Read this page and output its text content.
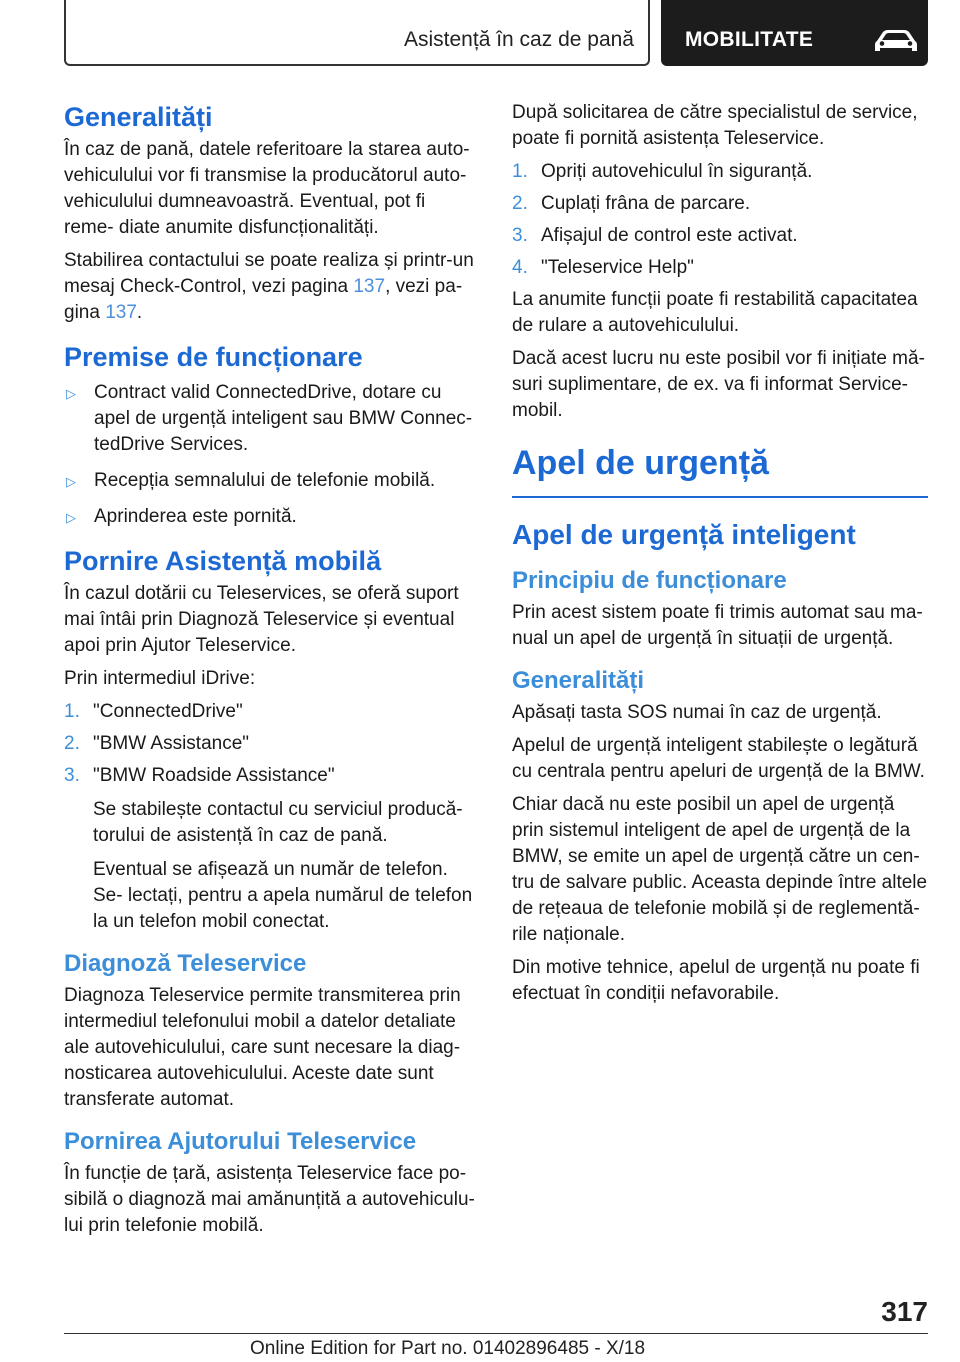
Asistență în caz de pană MOBILITATE
Generalități

În caz de pană, datele referitoare la starea auto- vehiculului vor fi transmise la producătorul auto- vehiculului dumneavoastră. Eventual, pot fi reme- diate anumite disfuncționalități.

Stabilirea contactului se poate realiza și printr-un mesaj Check-Control, vezi pagina 137, vezi pa- gina 137.

Premise de funcționare
▷ Contract valid ConnectedDrive, dotare cu apel de urgență inteligent sau BMW Connec- tedDrive Services.
▷ Recepția semnalului de telefonie mobilă.
▷ Aprinderea este pornită.
Pornire Asistență mobilă

În cazul dotării cu Teleservices, se oferă suport mai întâi prin Diagnoză Teleservice și eventual apoi prin Ajutor Teleservice.

Prin intermediul iDrive:

1. "ConnectedDrive"
2. "BMW Assistance"
3. "BMW Roadside Assistance"
Se stabilește contactul cu serviciul producă- torului de asistență în caz de pană.
Eventual se afișează un număr de telefon. Se- lectați, pentru a apela numărul de telefon la un telefon mobil conectat.
Diagnoză Teleservice

Diagnoza Teleservice permite transmiterea prin intermediul telefonului mobil a datelor detaliate ale autovehiculului, care sunt necesare la diag- nosticarea autovehiculului. Aceste date sunt transferate automat.

Pornirea Ajutorului Teleservice

În funcție de țară, asistența Teleservice face po- sibilă o diagnoză mai amănunțită a autovehiculu- lui prin telefonie mobilă.

După solicitarea de către specialistul de service, poate fi pornită asistența Teleservice.

1. Opriți autovehiculul în siguranță.
2. Cuplați frâna de parcare.
3. Afișajul de control este activat.
4. "Teleservice Help"

La anumite funcții poate fi restabilită capacitatea de rulare a autovehiculului.

Dacă acest lucru nu este posibil vor fi inițiate mă- suri suplimentare, de ex. va fi informat Service- mobil.

Apel de urgență
Apel de urgență inteligent
Principiu de funcționare

Prin acest sistem poate fi trimis automat sau ma- nual un apel de urgență în situații de urgență.

Generalități

Apăsați tasta SOS numai în caz de urgență.

Apelul de urgență inteligent stabilește o legătură cu centrala pentru apeluri de urgență de la BMW.

Chiar dacă nu este posibil un apel de urgență prin sistemul inteligent de apel de urgență de la BMW, se emite un apel de urgență către un cen- tru de salvare public. Aceasta depinde între altele de rețeaua de telefonie mobilă și de reglementă- rile naționale.

Din motive tehnice, apelul de urgență nu poate fi efectuat în condiții nefavorabile.

317
Online Edition for Part no. 01402896485 - X/18
